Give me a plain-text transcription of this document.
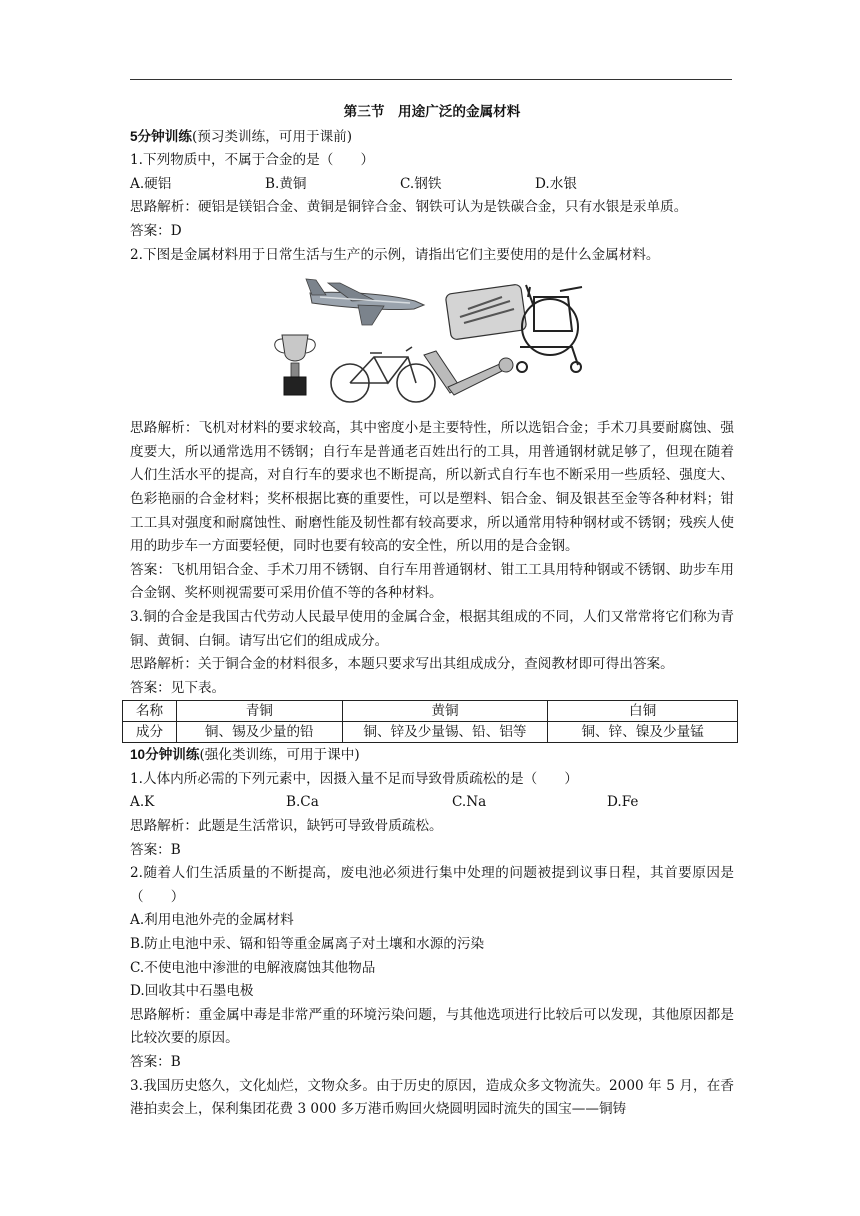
第三节　用途广泛的金属材料

5分钟训练(预习类训练，可用于课前)

1.下列物质中，不属于合金的是（　　）

A.硬铝	B.黄铜	C.钢铁	D.水银

思路解析：硬铝是镁铝合金、黄铜是铜锌合金、钢铁可认为是铁碳合金，只有水银是汞单质。

答案：D

2.下图是金属材料用于日常生活与生产的示例，请指出它们主要使用的是什么金属材料。

思路解析：飞机对材料的要求较高，其中密度小是主要特性，所以选铝合金；手术刀具要耐腐蚀、强度要大，所以通常选用不锈钢；自行车是普通老百姓出行的工具，用普通钢材就足够了，但现在随着人们生活水平的提高，对自行车的要求也不断提高，所以新式自行车也不断采用一些质轻、强度大、色彩艳丽的合金材料；奖杯根据比赛的重要性，可以是塑料、铝合金、铜及银甚至金等各种材料；钳工工具对强度和耐腐蚀性、耐磨性能及韧性都有较高要求，所以通常用特种钢材或不锈钢；残疾人使用的助步车一方面要轻便，同时也要有较高的安全性，所以用的是合金钢。

答案：飞机用铝合金、手术刀用不锈钢、自行车用普通钢材、钳工工具用特种钢或不锈钢、助步车用合金钢、奖杯则视需要可采用价值不等的各种材料。

3.铜的合金是我国古代劳动人民最早使用的金属合金，根据其组成的不同，人们又常常将它们称为青铜、黄铜、白铜。请写出它们的组成成分。

思路解析：关于铜合金的材料很多，本题只要求写出其组成成分，查阅教材即可得出答案。

答案：见下表。

名称	青铜	黄铜	白铜
成分	铜、锡及少量的铅	铜、锌及少量锡、铅、铝等	铜、锌、镍及少量锰

10分钟训练(强化类训练，可用于课中)

1.人体内所必需的下列元素中，因摄入量不足而导致骨质疏松的是（　　）

A.K	B.Ca	C.Na	D.Fe

思路解析：此题是生活常识，缺钙可导致骨质疏松。

答案：B

2.随着人们生活质量的不断提高，废电池必须进行集中处理的问题被提到议事日程，其首要原因是（　　）

A.利用电池外壳的金属材料

B.防止电池中汞、镉和铅等重金属离子对土壤和水源的污染

C.不使电池中渗泄的电解液腐蚀其他物品

D.回收其中石墨电极

思路解析：重金属中毒是非常严重的环境污染问题，与其他选项进行比较后可以发现，其他原因都是比较次要的原因。

答案：B

3.我国历史悠久，文化灿烂，文物众多。由于历史的原因，造成众多文物流失。2000 年 5 月，在香港拍卖会上，保利集团花费 3 000 多万港币购回火烧圆明园时流失的国宝——铜铸
